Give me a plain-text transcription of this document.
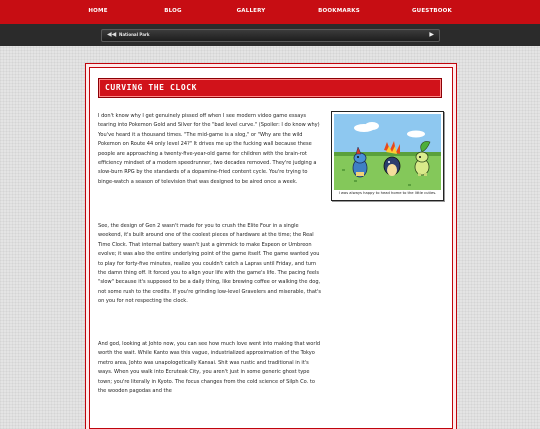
HOME	BLOG	GALLERY	BOOKMARKS	GUESTBOOK
◀◀ National Park	▶
CURVING THE CLOCK

I don't know why I get genuinely pissed off when I see modern video game essays tearing into Pokemon Gold and Silver for the "bad level curve." (Spoiler: I do know why) You've heard it a thousand times. "The mid-game is a slog," or "Why are the wild Pokemon on Route 44 only level 24?" It drives me up the fucking wall because these people are approaching a twenty-five-year-old game for children with the brain-rot efficiency mindset of a modern speedrunner, two decades removed. They're judging a slow-burn RPG by the standards of a dopamine-fried content cycle. You're trying to binge-watch a season of television that was designed to be aired once a week.

See, the design of Gen 2 wasn't made for you to crush the Elite Four in a single weekend, it's built around one of the coolest pieces of hardware at the time; the Real Time Clock. That internal battery wasn't just a gimmick to make Espeon or Umbreon evolve; it was also the entire underlying point of the game itself. The game wanted you to play for forty-five minutes, realize you couldn't catch a Lapras until Friday, and turn the damn thing off. It forced you to align your life with the game's life. The pacing feels "slow" because it's supposed to be a daily thing, like brewing coffee or walking the dog, not some rush to the credits. If you're grinding low-level Gravelers and miserable, that's on you for not respecting the clock.

And god, looking at Johto now, you can see how much love went into making that world worth the wait. While Kanto was this vague, industrialized approximation of the Tokyo metro area, Johto was unapologetically Kansai. Shit was rustic and traditional in it's ways. When you walk into Ecruteak City, you aren't just in some generic ghost type town; you're literally in Kyoto. The focus changes from the cold science of Silph Co. to the wooden pagodas and the

I was always happy to head home to the little cuties.
